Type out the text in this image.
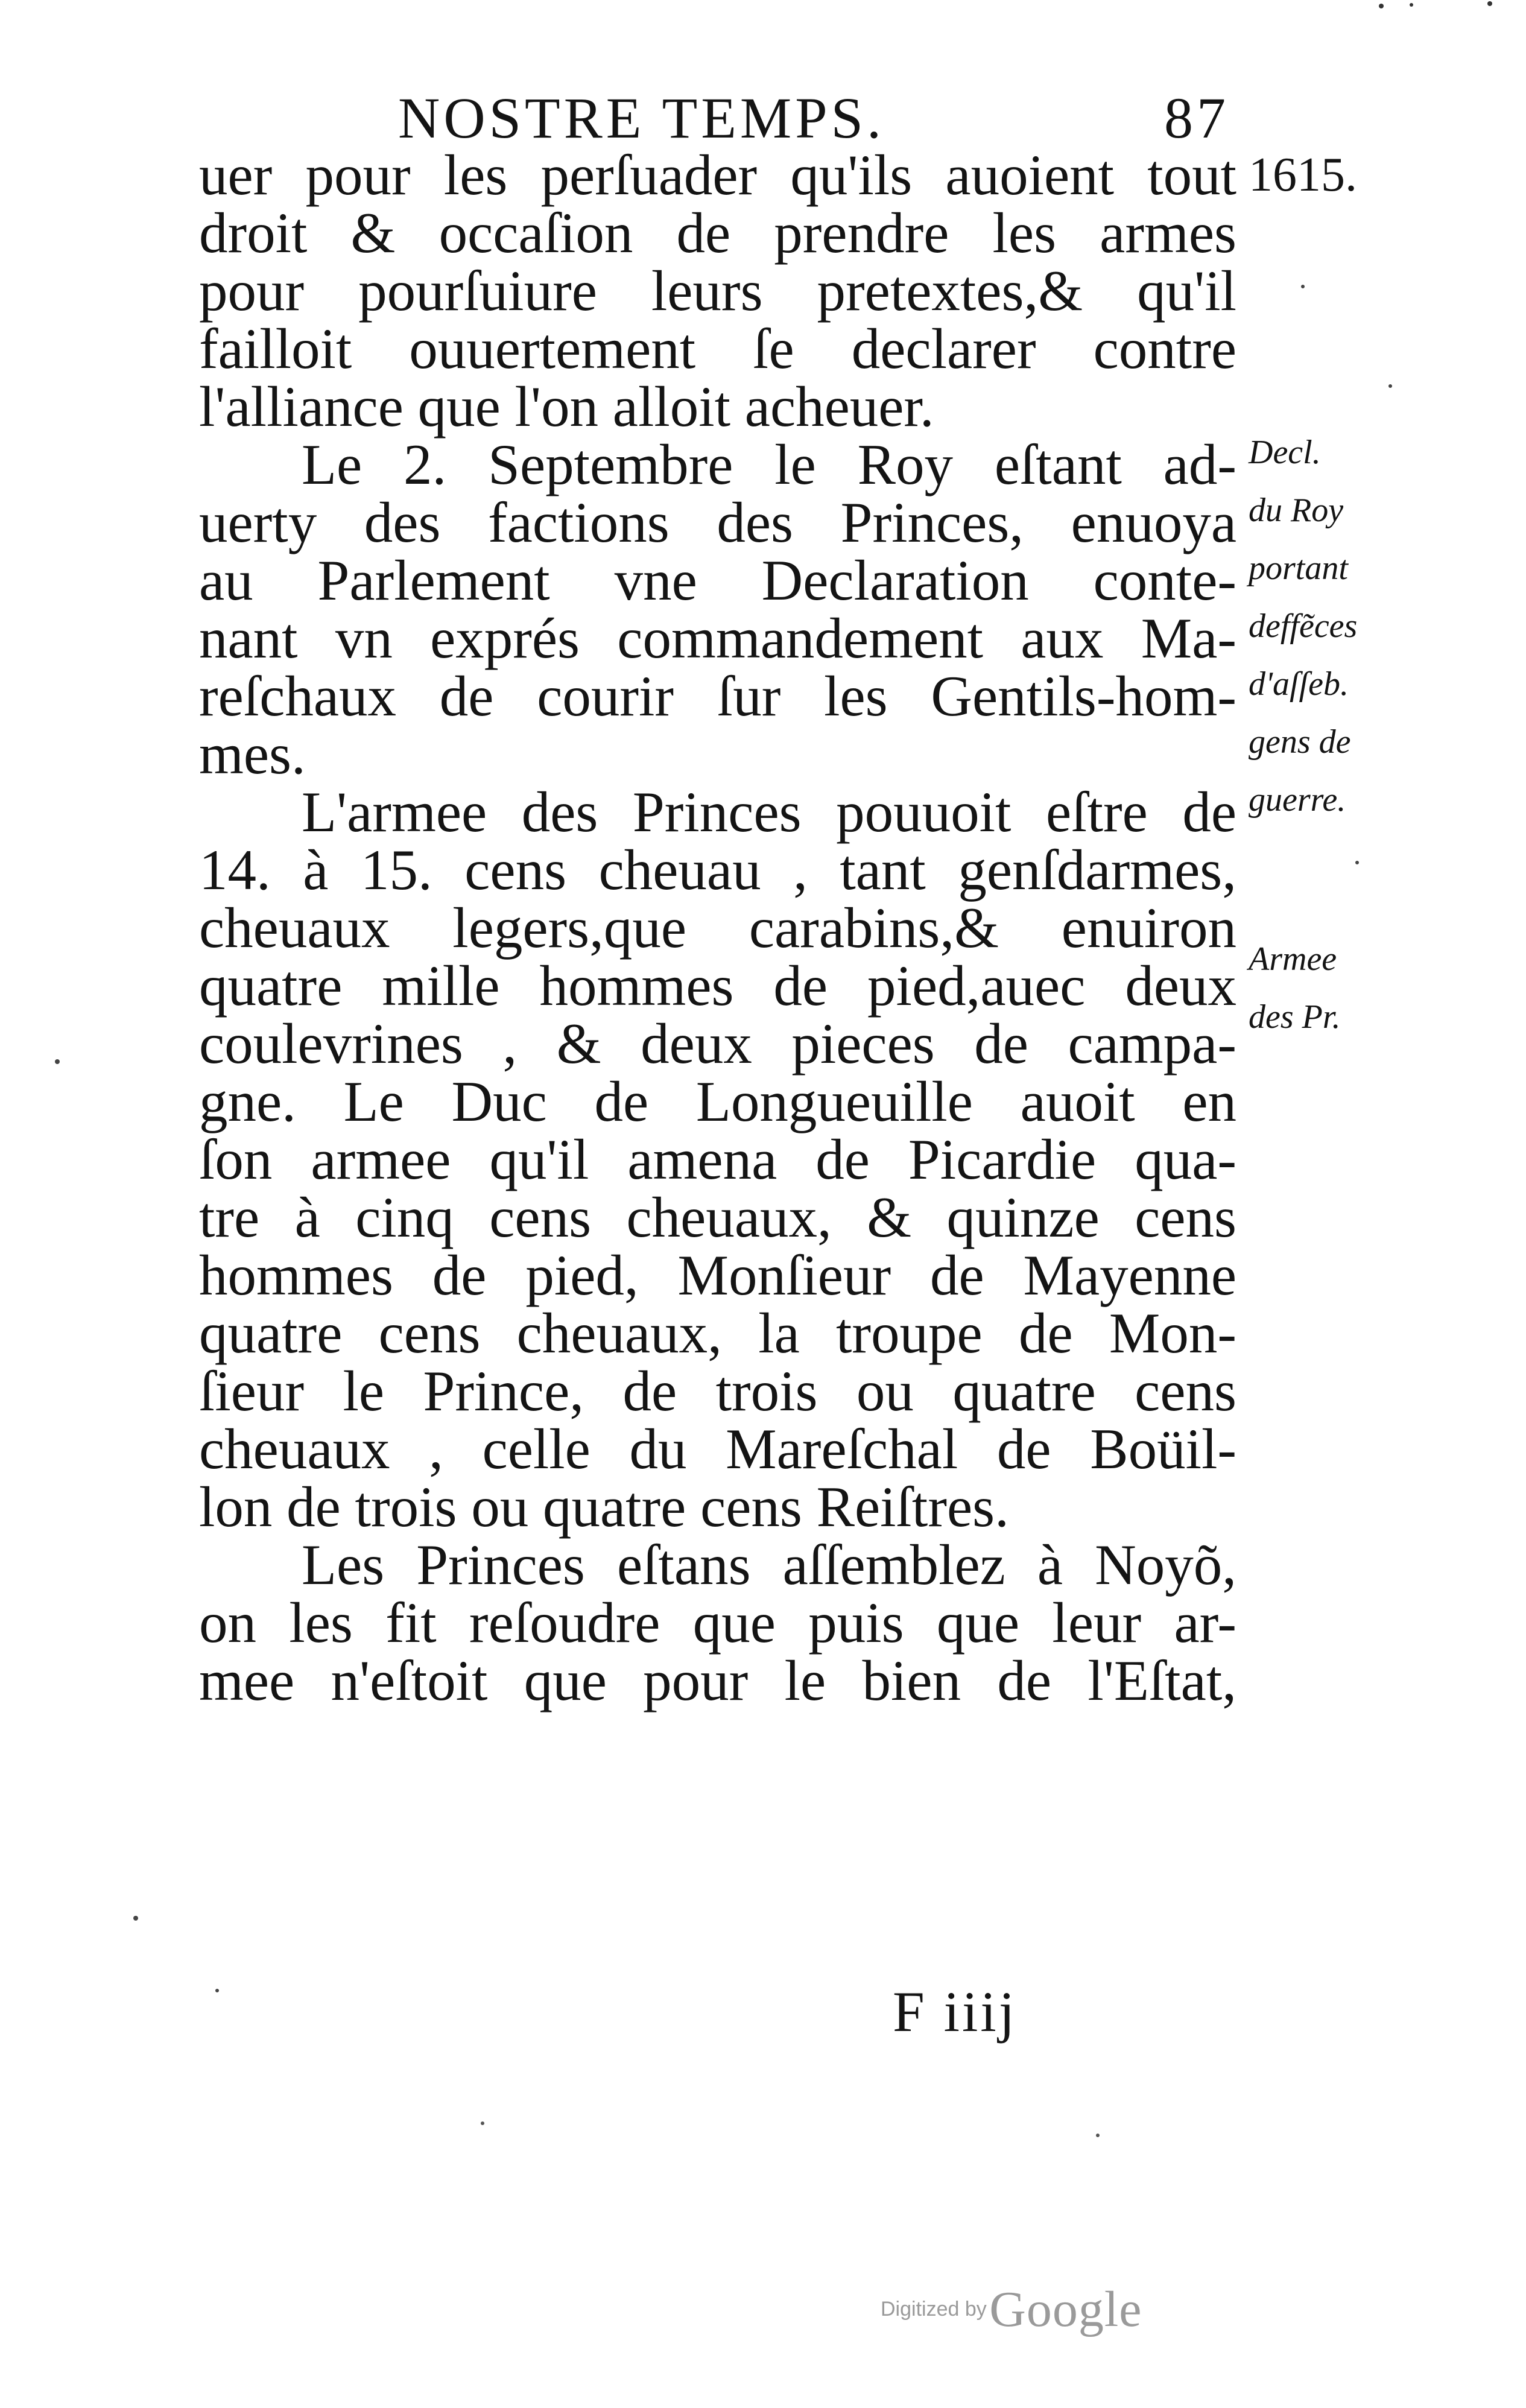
NOSTRE TEMPS.	87
uer pour les perſuader qu'ils auoient tout
droit & occaſion de prendre les armes
pour pourſuiure leurs pretextes,& qu'il
failloit ouuertement ſe declarer contre
l'alliance que l'on alloit acheuer.
Le 2. Septembre le Roy eſtant ad-
uerty des factions des Princes, enuoya
au Parlement vne Declaration conte-
nant vn exprés commandement aux Ma-
reſchaux de courir ſur les Gentils-hom-
mes.
L'armee des Princes pouuoit eſtre de
14. à 15. cens cheuau , tant genſdarmes,
cheuaux legers,que carabins,& enuiron
quatre mille hommes de pied,auec deux
coulevrines , & deux pieces de campa-
gne. Le Duc de Longueuille auoit en
ſon armee qu'il amena de Picardie qua-
tre à cinq cens cheuaux, & quinze cens
hommes de pied, Monſieur de Mayenne
quatre cens cheuaux, la troupe de Mon-
ſieur le Prince, de trois ou quatre cens
cheuaux , celle du Mareſchal de Boüil-
lon de trois ou quatre cens Reiſtres.
Les Princes eſtans aſſemblez à Noyõ,
on les fit reſoudre que puis que leur ar-
mee n'eſtoit que pour le bien de l'Eſtat,
1615.
Decl.
du Roy
portant
deffẽces
d'aſſeb.
gens de
guerre.
Armee
des Pr.
F iiij
Digitized by Google
